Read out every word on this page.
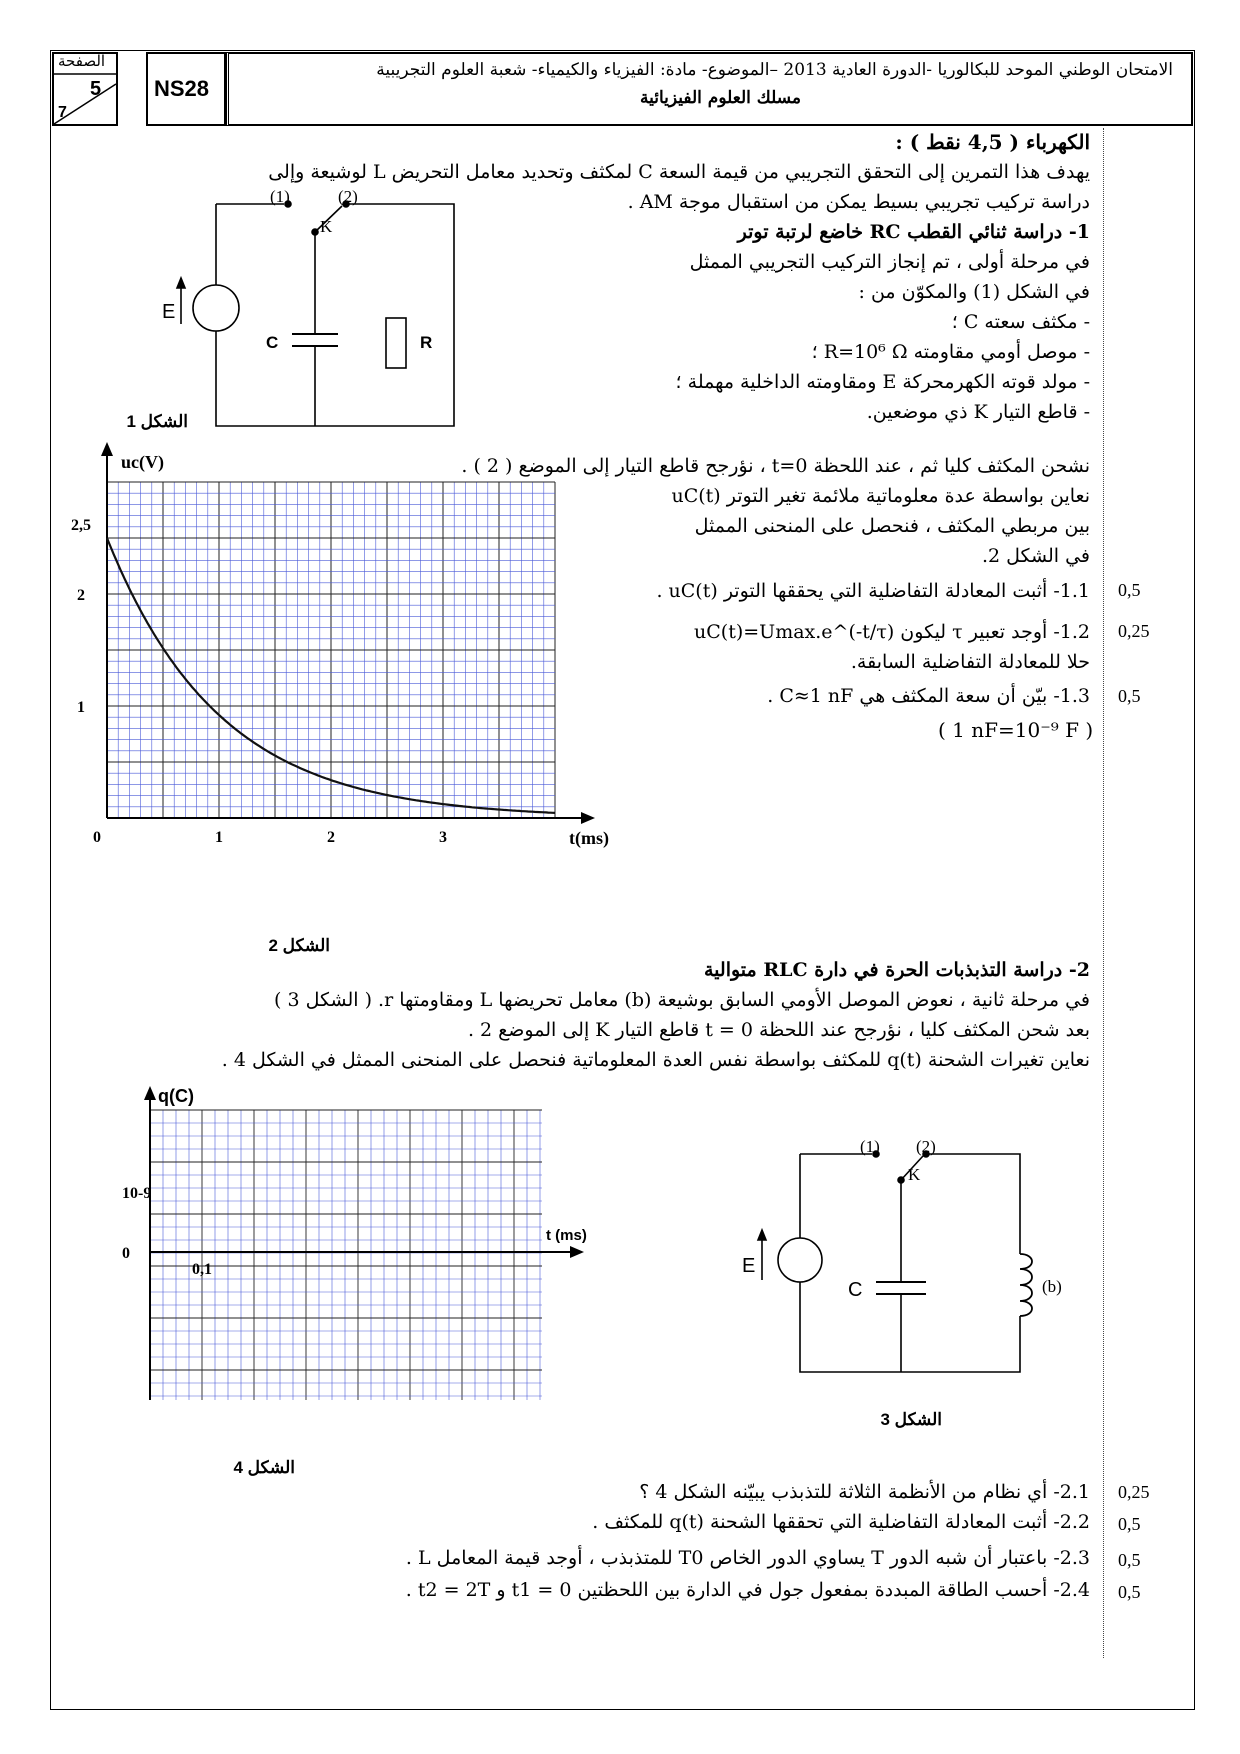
الصفحة
5
7
NS28
الامتحان الوطني الموحد للبكالوريا -الدورة العادية 2013 –الموضوع- مادة: الفيزياء والكيمياء- شعبة العلوم التجريبية
مسلك العلوم الفيزيائية
الكهرباء ( 4,5 نقط ) :
يهدف هذا التمرين إلى التحقق التجريبي من قيمة السعة C لمكثف وتحديد معامل التحريض L لوشيعة وإلى
دراسة تركيب تجريبي بسيط يمكن من استقبال موجة AM .
1- دراسة ثنائي القطب RC خاضع لرتبة توتر
في مرحلة أولى ، تم إنجاز التركيب التجريبي الممثل
في الشكل (1) والمكوّن من :
- مكثف سعته C ؛
- موصل أومي مقاومته R=10⁶ Ω ؛
- مولد قوته الكهرمحركة E ومقاومته الداخلية مهملة ؛
- قاطع التيار K ذي موضعين.
نشحن المكثف كليا ثم ، عند اللحظة t=0 ، نؤرجح قاطع التيار إلى الموضع ( 2 ) .
نعاين بواسطة عدة معلوماتية ملائمة تغير التوتر uC(t)
بين مربطي المكثف ، فنحصل على المنحنى الممثل
في الشكل 2.
1.1- أثبت المعادلة التفاضلية التي يحققها التوتر uC(t) . 0,5
1.2- أوجد تعبير τ ليكون uC(t)=Umax.e^(-t/τ) 0,25
حلا للمعادلة التفاضلية السابقة.
1.3- بيّن أن سعة المكثف هي C≈1 nF . 0,5
( 1 nF=10⁻⁹ F )
(1)	(2)
K
E
C	R
الشكل 1
uc(V)
t(ms)
0	1	2	3
1
2
2,5
الشكل 2
2- دراسة التذبذبات الحرة في دارة RLC متوالية
في مرحلة ثانية ، نعوض الموصل الأومي السابق بوشيعة (b) معامل تحريضها L ومقاومتها r. ( الشكل 3 )
بعد شحن المكثف كليا ، نؤرجح عند اللحظة t = 0 قاطع التيار K إلى الموضع 2 .
نعاين تغيرات الشحنة q(t) للمكثف بواسطة نفس العدة المعلوماتية فنحصل على المنحنى الممثل في الشكل 4 .
q(C)
t (ms)
0,1
10-9
0
الشكل 4
(1) (2)
K
E
C	(b)
الشكل 3
2.1- أي نظام من الأنظمة الثلاثة للتذبذب يبيّنه الشكل 4 ؟ 0,25
2.2- أثبت المعادلة التفاضلية التي تحققها الشحنة q(t) للمكثف . 0,5
2.3- باعتبار أن شبه الدور T يساوي الدور الخاص T0 للمتذبذب ، أوجد قيمة المعامل L . 0,5
2.4- أحسب الطاقة المبددة بمفعول جول في الدارة بين اللحظتين t1 = 0 و t2 = 2T . 0,5
